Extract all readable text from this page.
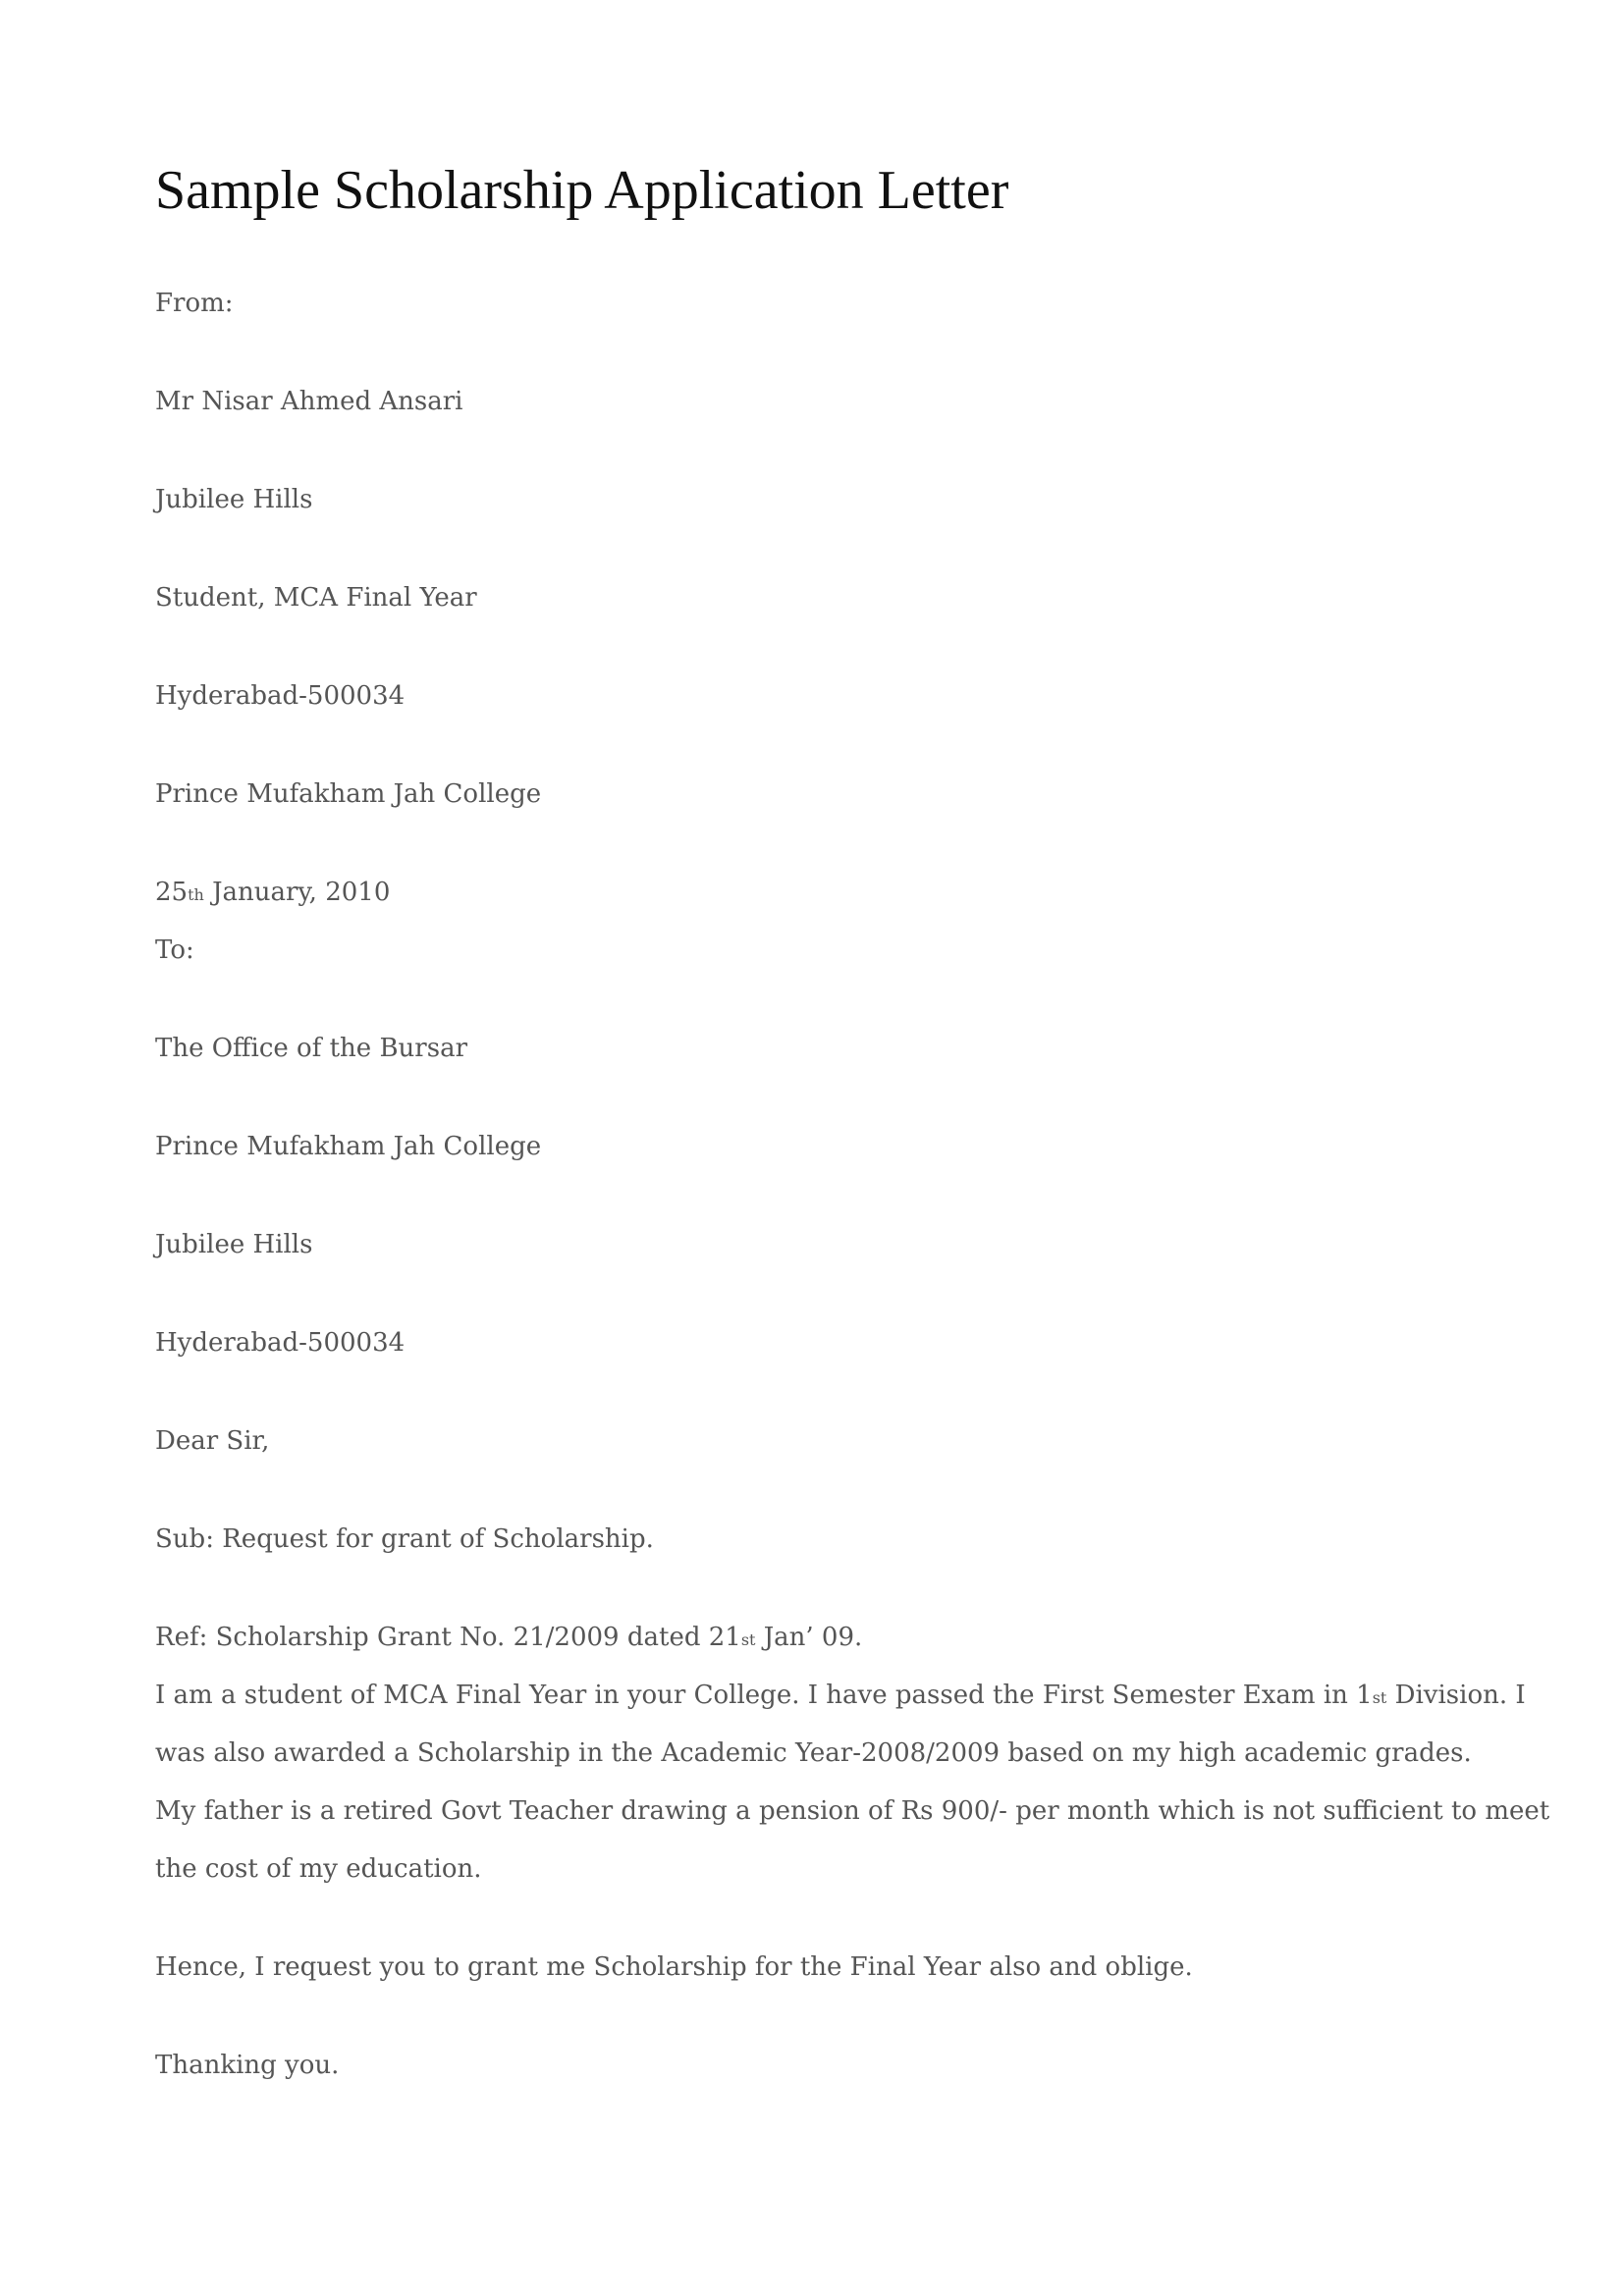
Sample Scholarship Application Letter

From:

Mr Nisar Ahmed Ansari

Jubilee Hills

Student, MCA Final Year

Hyderabad-500034

Prince Mufakham Jah College

25th January, 2010

To:

The Office of the Bursar

Prince Mufakham Jah College

Jubilee Hills

Hyderabad-500034

Dear Sir,

Sub: Request for grant of Scholarship.

Ref: Scholarship Grant No. 21/2009 dated 21st Jan’ 09.

I am a student of MCA Final Year in your College. I have passed the First Semester Exam in 1st Division. I

was also awarded a Scholarship in the Academic Year-2008/2009 based on my high academic grades.

My father is a retired Govt Teacher drawing a pension of Rs 900/- per month which is not sufficient to meet

the cost of my education.

Hence, I request you to grant me Scholarship for the Final Year also and oblige.

Thanking you.
